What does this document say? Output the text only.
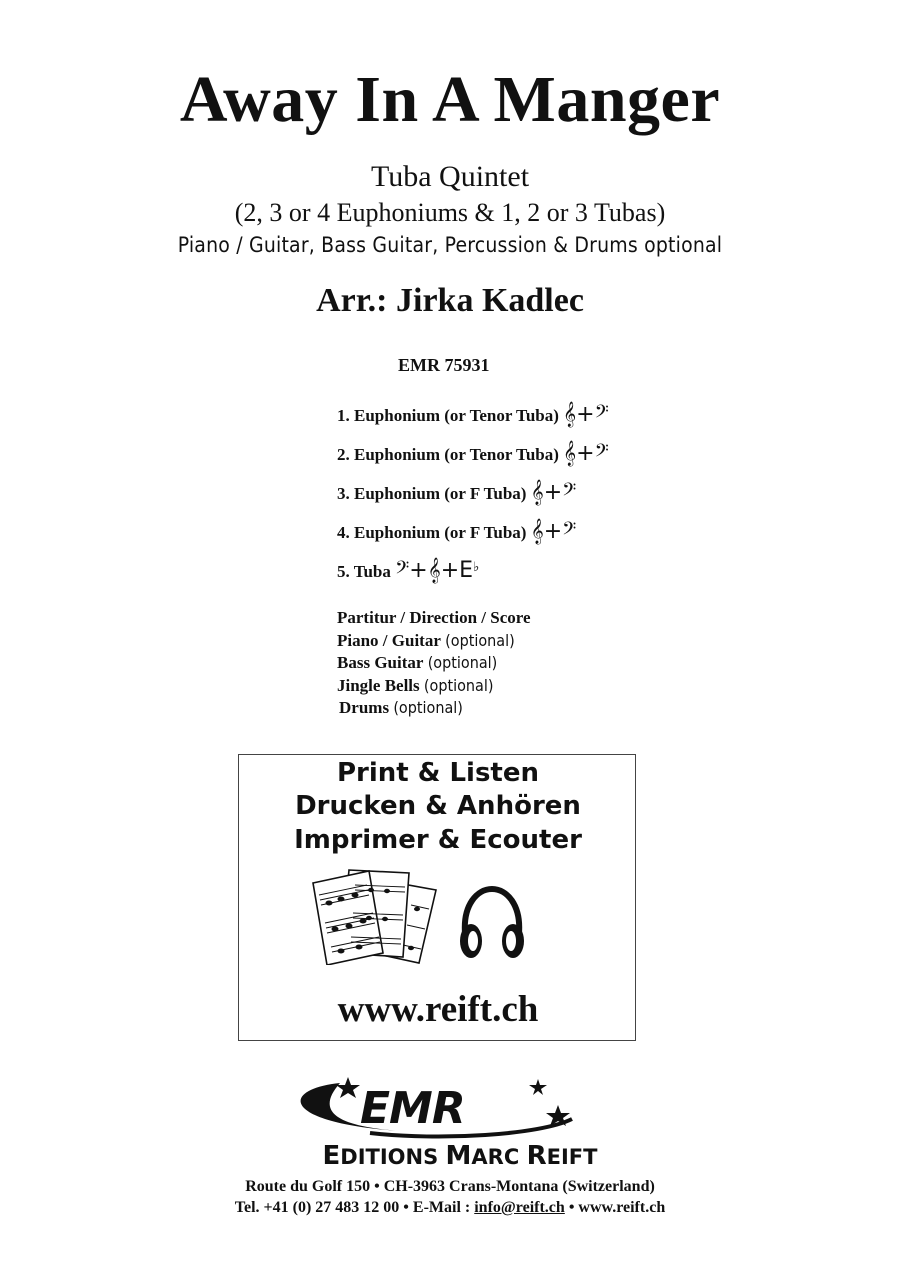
Away In A Manger
Tuba Quintet
(2, 3 or 4 Euphoniums & 1, 2 or 3 Tubas)
Piano / Guitar, Bass Guitar, Percussion & Drums optional
Arr.: Jirka Kadlec
EMR 75931
1. Euphonium (or Tenor Tuba) 𝄞+𝄢
2. Euphonium (or Tenor Tuba) 𝄞+𝄢
3. Euphonium (or F Tuba) 𝄞+𝄢
4. Euphonium (or F Tuba) 𝄞+𝄢
5. Tuba 𝄢+𝄞+E♭
Partitur / Direction / Score
Piano / Guitar (optional)
Bass Guitar (optional)
Jingle Bells (optional)
Drums (optional)
Print & Listen
Drucken & Anhören
Imprimer & Ecouter
www.reift.ch
EMR
EDITIONS MARC REIFT
Route du Golf 150 • CH-3963 Crans-Montana (Switzerland)
Tel. +41 (0) 27 483 12 00 • E-Mail : info@reift.ch • www.reift.ch
